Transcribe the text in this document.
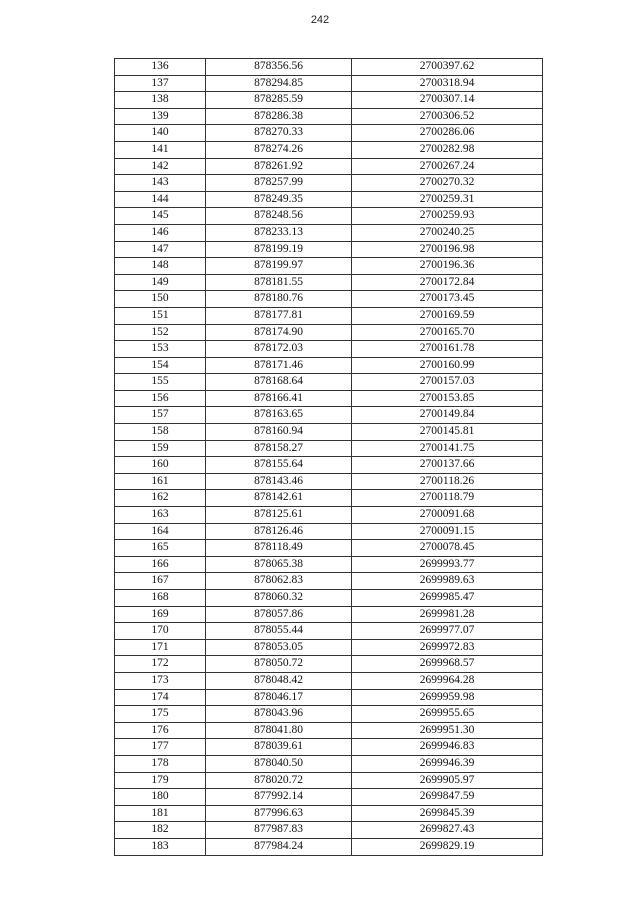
242
136	878356.56	2700397.62
137	878294.85	2700318.94
138	878285.59	2700307.14
139	878286.38	2700306.52
140	878270.33	2700286.06
141	878274.26	2700282.98
142	878261.92	2700267.24
143	878257.99	2700270.32
144	878249.35	2700259.31
145	878248.56	2700259.93
146	878233.13	2700240.25
147	878199.19	2700196.98
148	878199.97	2700196.36
149	878181.55	2700172.84
150	878180.76	2700173.45
151	878177.81	2700169.59
152	878174.90	2700165.70
153	878172.03	2700161.78
154	878171.46	2700160.99
155	878168.64	2700157.03
156	878166.41	2700153.85
157	878163.65	2700149.84
158	878160.94	2700145.81
159	878158.27	2700141.75
160	878155.64	2700137.66
161	878143.46	2700118.26
162	878142.61	2700118.79
163	878125.61	2700091.68
164	878126.46	2700091.15
165	878118.49	2700078.45
166	878065.38	2699993.77
167	878062.83	2699989.63
168	878060.32	2699985.47
169	878057.86	2699981.28
170	878055.44	2699977.07
171	878053.05	2699972.83
172	878050.72	2699968.57
173	878048.42	2699964.28
174	878046.17	2699959.98
175	878043.96	2699955.65
176	878041.80	2699951.30
177	878039.61	2699946.83
178	878040.50	2699946.39
179	878020.72	2699905.97
180	877992.14	2699847.59
181	877996.63	2699845.39
182	877987.83	2699827.43
183	877984.24	2699829.19
